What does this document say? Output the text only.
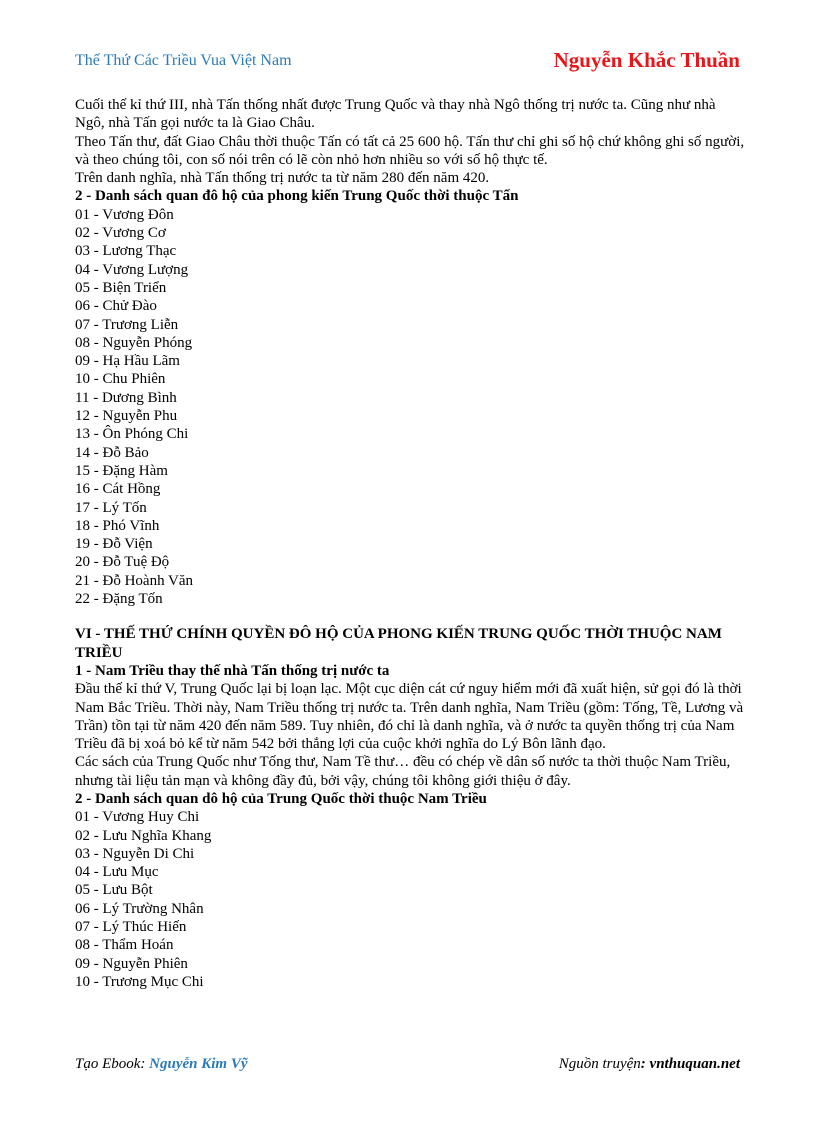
Thế Thứ Các Triều Vua Việt Nam	Nguyễn Khắc Thuần

Cuối thế kỉ thứ III, nhà Tấn thống nhất được Trung Quốc và thay nhà Ngô thống trị nước ta. Cũng như nhà Ngô, nhà Tấn gọi nước ta là Giao Châu.

Theo Tấn thư, đất Giao Châu thời thuộc Tấn có tất cả 25 600 hộ. Tấn thư chỉ ghi số hộ chứ không ghi số người, và theo chúng tôi, con số nói trên có lẽ còn nhỏ hơn nhiều so với số hộ thực tế.

Trên danh nghĩa, nhà Tấn thống trị nước ta từ năm 280 đến năm 420.

2 - Danh sách quan đô hộ của phong kiến Trung Quốc thời thuộc Tấn

01 - Vương Đôn

02 - Vương Cơ

03 - Lương Thạc

04 - Vương Lượng

05 - Biện Triển

06 - Chử Đào

07 - Trương Liễn

08 - Nguyễn Phóng

09 - Hạ Hầu Lãm

10 - Chu Phiên

11 - Dương Bình

12 - Nguyễn Phu

13 - Ôn Phóng Chi

14 - Đỗ Bảo

15 - Đặng Hàm

16 - Cát Hồng

17 - Lý Tốn

18 - Phó Vĩnh

19 - Đỗ Viện

20 - Đỗ Tuệ Độ

21 - Đỗ Hoành Văn

22 - Đặng Tốn

VI - THẾ THỨ CHÍNH QUYỀN ĐÔ HỘ CỦA PHONG KIẾN TRUNG QUỐC THỜI THUỘC NAM TRIỀU

1 - Nam Triều thay thế nhà Tấn thống trị nước ta

Đầu thế kỉ thứ V, Trung Quốc lại bị loạn lạc. Một cục diện cát cứ nguy hiểm mới đã xuất hiện, sử gọi đó là thời Nam Bắc Triều. Thời này, Nam Triều thống trị nước ta. Trên danh nghĩa, Nam Triều (gồm: Tống, Tề, Lương và Trần) tồn tại từ năm 420 đến năm 589. Tuy nhiên, đó chỉ là danh nghĩa, và ở nước ta quyền thống trị của Nam Triều đã bị xoá bỏ kể từ năm 542 bởi thắng lợi của cuộc khởi nghĩa do Lý Bôn lãnh đạo.

Các sách của Trung Quốc như Tống thư, Nam Tề thư… đều có chép về dân số nước ta thời thuộc Nam Triều, nhưng tài liệu tản mạn và không đầy đủ, bởi vậy, chúng tôi không giới thiệu ở đây.

2 - Danh sách quan dô hộ của Trung Quốc thời thuộc Nam Triều

01 - Vương Huy Chi

02 - Lưu Nghĩa Khang

03 - Nguyễn Di Chi

04 - Lưu Mục

05 - Lưu Bột

06 - Lý Trường Nhân

07 - Lý Thúc Hiến

08 - Thẩm Hoán

09 - Nguyễn Phiên

10 - Trương Mục Chi

Tạo Ebook: Nguyễn Kim Vỹ	Nguồn truyện: vnthuquan.net
